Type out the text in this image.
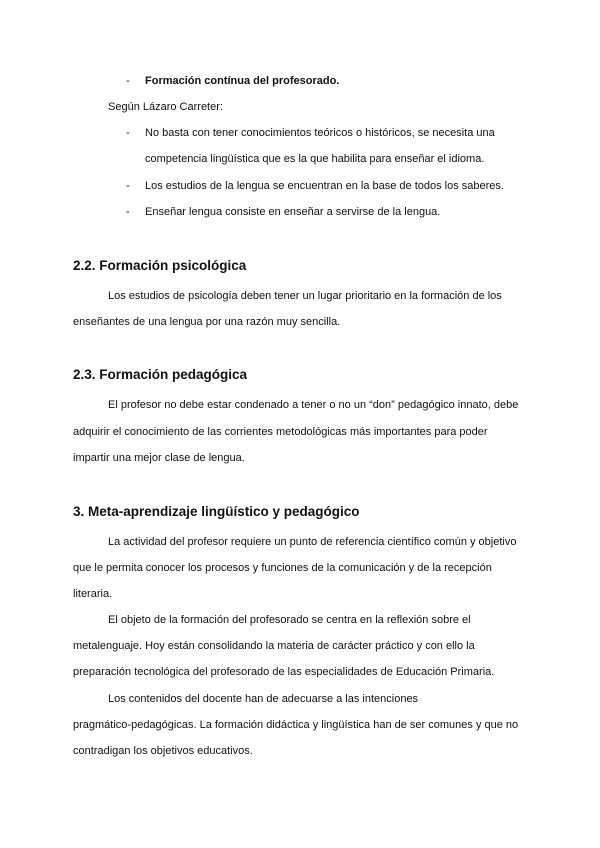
- Formación contínua del profesorado.
Según Lázaro Carreter:
- No basta con tener conocimientos teóricos o históricos, se necesita una
competencia lingüística que es la que habilita para enseñar el idioma.
- Los estudios de la lengua se encuentran en la base de todos los saberes.
- Enseñar lengua consiste en enseñar a servirse de la lengua.
2.2. Formación psicológica
Los estudios de psicología deben tener un lugar prioritario en la formación de los
enseñantes de una lengua por una razón muy sencilla.
2.3. Formación pedagógica
El profesor no debe estar condenado a tener o no un “don” pedagógico innato, debe
adquirir el conocimiento de las corrientes metodológicas más importantes para poder
impartir una mejor clase de lengua.
3. Meta-aprendizaje lingüístico y pedagógico
La actividad del profesor requiere un punto de referencia científico común y objetivo
que le permita conocer los procesos y funciones de la comunicación y de la recepción
literaria.
El objeto de la formación del profesorado se centra en la reflexión sobre el
metalenguaje. Hoy están consolidando la materia de carácter práctico y con ello la
preparación tecnológica del profesorado de las especialidades de Educación Primaria.
Los contenidos del docente han de adecuarse a las intenciones
pragmático-pedagógicas. La formación didáctica y lingüística han de ser comunes y que no
contradigan los objetivos educativos.
